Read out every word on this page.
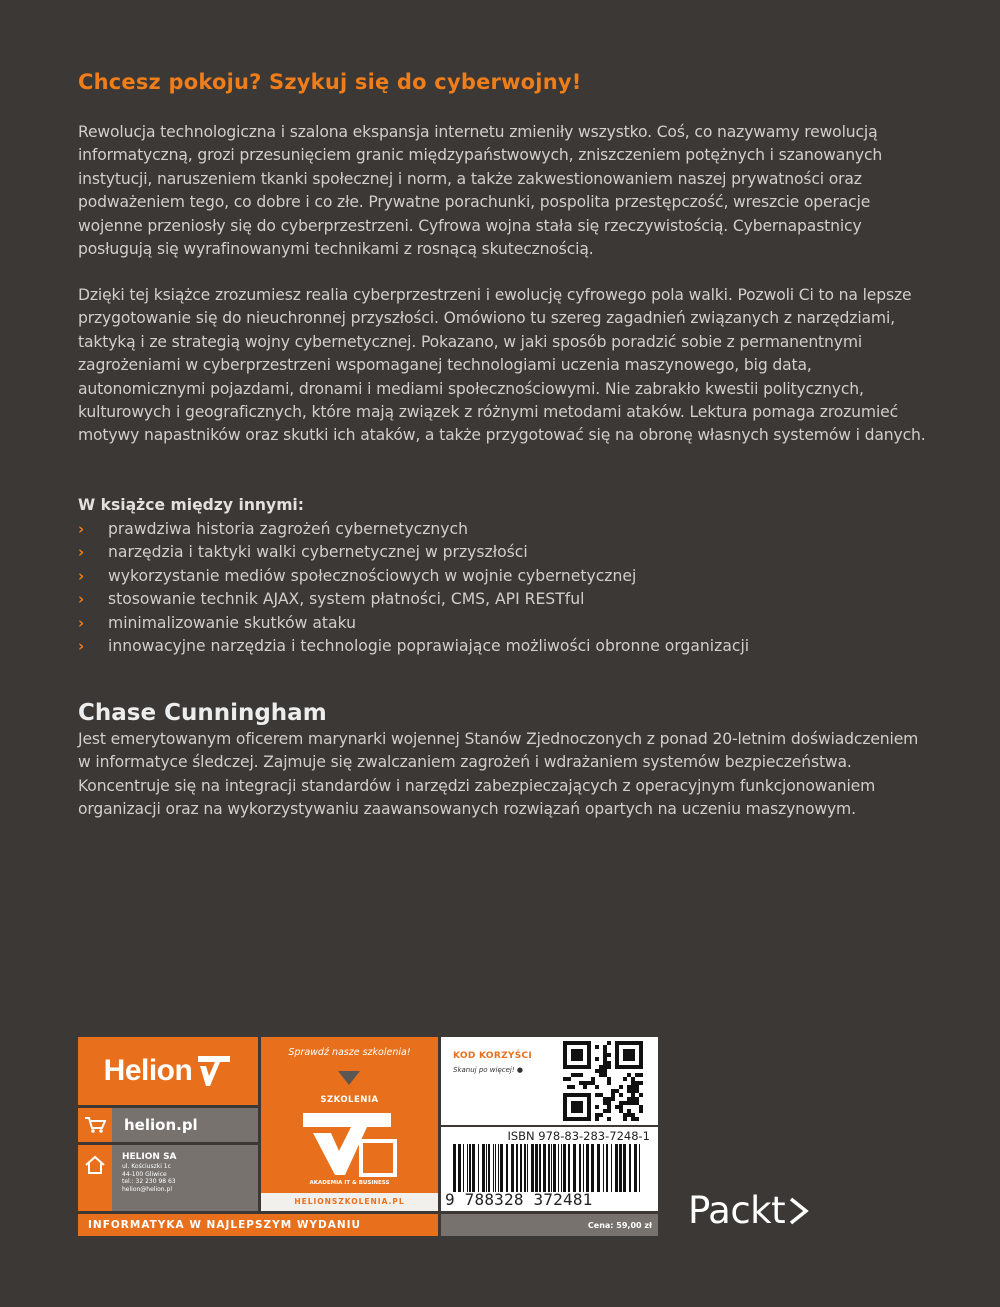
Chcesz pokoju? Szykuj się do cyberwojny!

Rewolucja technologiczna i szalona ekspansja internetu zmieniły wszystko. Coś, co nazywamy rewolucją informatyczną, grozi przesunięciem granic międzypaństwowych, zniszczeniem potężnych i szanowanych instytucji, naruszeniem tkanki społecznej i norm, a także zakwestionowaniem naszej prywatności oraz podważeniem tego, co dobre i co złe. Prywatne porachunki, pospolita przestępczość, wreszcie operacje wojenne przeniosły się do cyberprzestrzeni. Cyfrowa wojna stała się rzeczywistością. Cybernapastnicy posługują się wyrafinowanymi technikami z rosnącą skutecznością.

Dzięki tej książce zrozumiesz realia cyberprzestrzeni i ewolucję cyfrowego pola walki. Pozwoli Ci to na lepsze przygotowanie się do nieuchronnej przyszłości. Omówiono tu szereg zagadnień związanych z narzędziami, taktyką i ze strategią wojny cybernetycznej. Pokazano, w jaki sposób poradzić sobie z permanentnymi zagrożeniami w cyberprzestrzeni wspomaganej technologiami uczenia maszynowego, big data, autonomicznymi pojazdami, dronami i mediami społecznościowymi. Nie zabrakło kwestii politycznych, kulturowych i geograficznych, które mają związek z różnymi metodami ataków. Lektura pomaga zrozumieć motywy napastników oraz skutki ich ataków, a także przygotować się na obronę własnych systemów i danych.

W książce między innymi:
›	prawdziwa historia zagrożeń cybernetycznych
›	narzędzia i taktyki walki cybernetycznej w przyszłości
›	wykorzystanie mediów społecznościowych w wojnie cybernetycznej
›	stosowanie technik AJAX, system płatności, CMS, API RESTful
›	minimalizowanie skutków ataku
›	innowacyjne narzędzia i technologie poprawiające możliwości obronne organizacji
Chase Cunningham

Jest emerytowanym oficerem marynarki wojennej Stanów Zjednoczonych z ponad 20-letnim doświadczeniem w informatyce śledczej. Zajmuje się zwalczaniem zagrożeń i wdrażaniem systemów bezpieczeństwa. Koncentruje się na integracji standardów i narzędzi zabezpieczających z operacyjnym funkcjonowaniem organizacji oraz na wykorzystywaniu zaawansowanych rozwiązań opartych na uczeniu maszynowym.

Helion
helion.pl
HELION SA
ul. Kościuszki 1c
44-100 Gliwice
tel.: 32 230 98 63
helion@helion.pl
INFORMATYKA W NAJLEPSZYM WYDANIU
Sprawdź nasze szkolenia!
SZKOLENIA
AKADEMIA IT & BUSINESS
HELIONSZKOLENIA.PL
KOD KORZYŚCI
Skanuj po więcej! ●
ISBN 978-83-283-7248-1
9 788328 372481
Cena: 59,00 zł Packt
